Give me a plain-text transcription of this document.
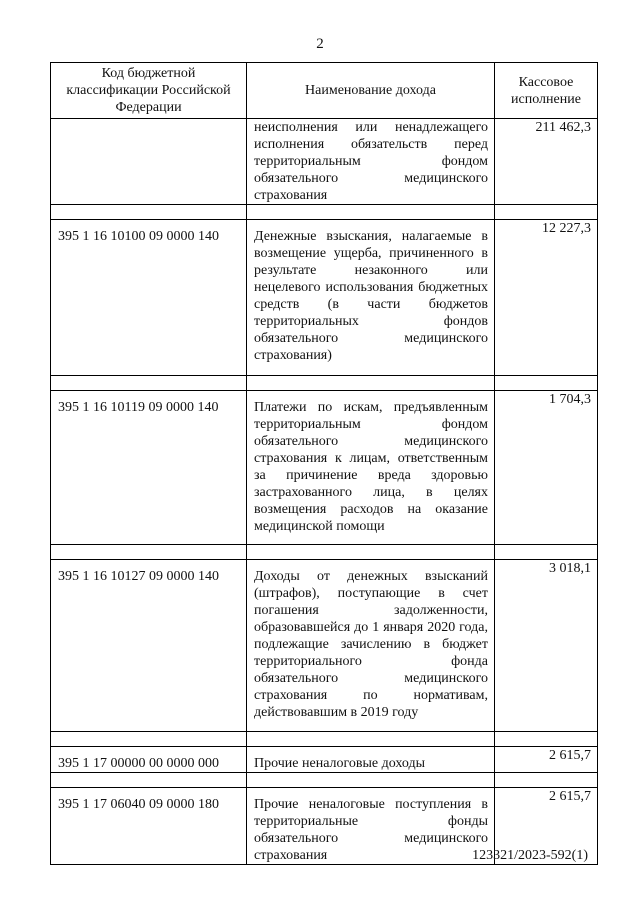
2
Код бюджетной классификации Российской Федерации	Наименование дохода	Кассовое исполнение
	неисполнения или ненадлежащего исполнения обязательств перед территориальным фондом обязательного медицинского страхования	211 462,3

395 1 16 10100 09 0000 140	Денежные взыскания, налагаемые в возмещение ущерба, причиненного в результате незаконного или нецелевого использования бюджетных средств (в части бюджетов территориальных фондов обязательного медицинского страхования)	12 227,3

395 1 16 10119 09 0000 140	Платежи по искам, предъявленным территориальным фондом обязательного медицинского страхования к лицам, ответственным за причинение вреда здоровью застрахованного лица, в целях возмещения расходов на оказание медицинской помощи	1 704,3

395 1 16 10127 09 0000 140	Доходы от денежных взысканий (штрафов), поступающие в счет погашения задолженности, образовавшейся до 1 января 2020 года, подлежащие зачислению в бюджет территориального фонда обязательного медицинского страхования по нормативам, действовавшим в 2019 году	3 018,1

395 1 17 00000 00 0000 000	Прочие неналоговые доходы	2 615,7

395 1 17 06040 09 0000 180	Прочие неналоговые поступления в территориальные фонды обязательного медицинского страхования	2 615,7
123321/2023-592(1)
